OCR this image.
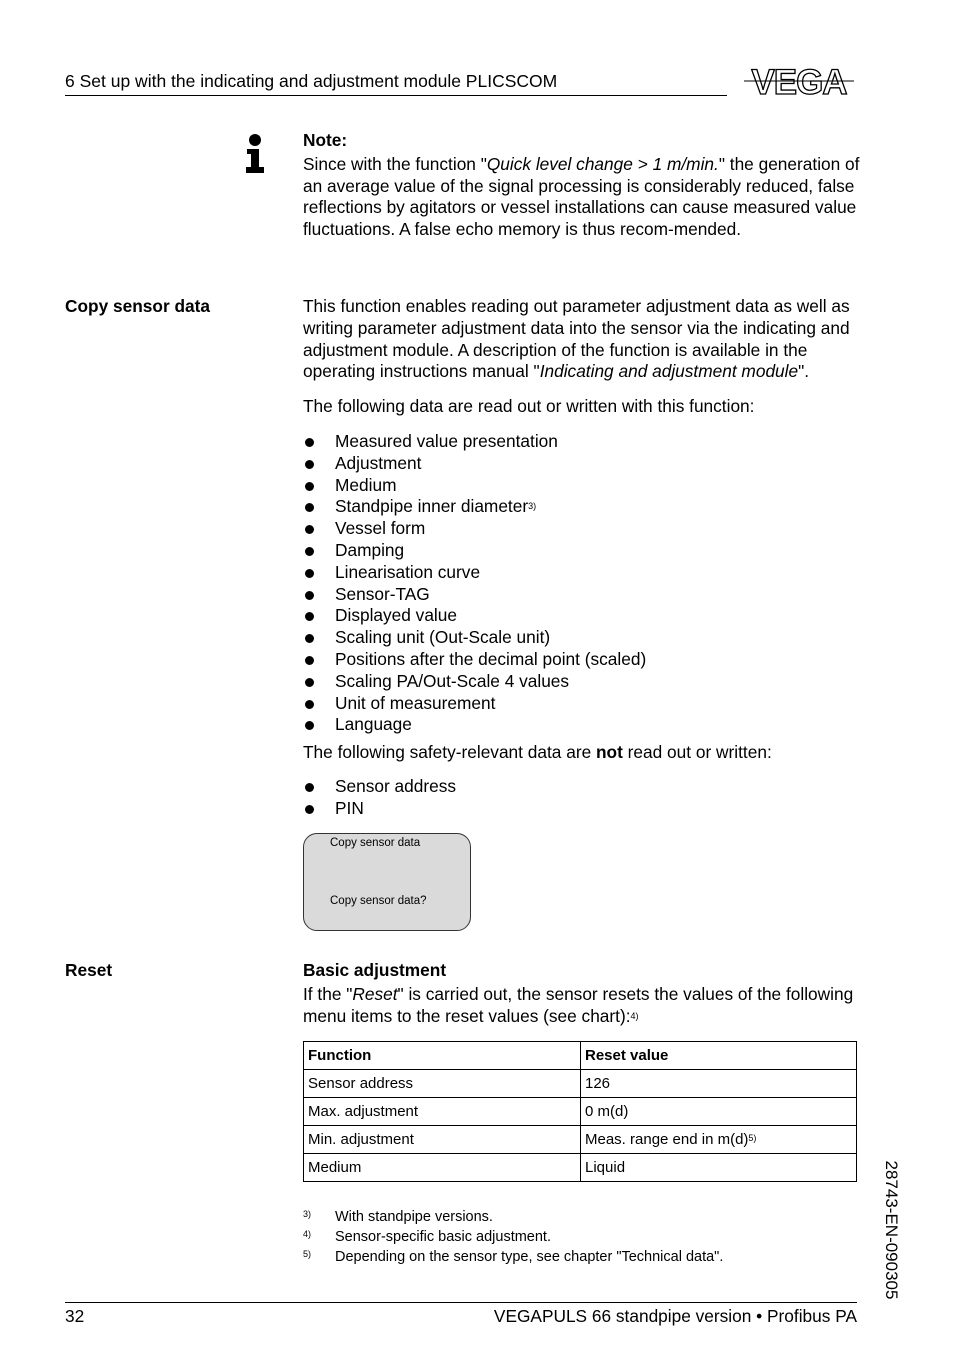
6 Set up with the indicating and adjustment module PLICSCOM	VEGA
Note:
Since with the function "Quick level change > 1 m/min." the generation of an average value of the signal processing is considerably reduced, false reflections by agitators or vessel installations can cause measured value fluctuations. A false echo memory is thus recom-mended.
Copy sensor data	This function enables reading out parameter adjustment data as well as writing parameter adjustment data into the sensor via the indicating and adjustment module. A description of the function is available in the operating instructions manual "Indicating and adjustment module".
The following data are read out or written with this function:
Measured value presentation
Adjustment
Medium
Standpipe inner diameter$^{3)}$
Vessel form
Damping
Linearisation curve
Sensor-TAG
Displayed value
Scaling unit (Out-Scale unit)
Positions after the decimal point (scaled)
Scaling PA/Out-Scale 4 values
Unit of measurement
Language
The following safety-relevant data are not read out or written:
Sensor address
PIN
Copy sensor data
Copy sensor data?
Reset	Basic adjustment
If the "Reset" is carried out, the sensor resets the values of the following menu items to the reset values (see chart):$^{4)}$
Function	Reset value
Sensor address	126
Max. adjustment	0 m(d)
Min. adjustment	Meas. range end in m(d)$^{5)}$
Medium	Liquid
3) With standpipe versions.
4) Sensor-specific basic adjustment.
5) Depending on the sensor type, see chapter "Technical data".	28743-EN-090305
32	VEGAPULS 66 standpipe version • Profibus PA
